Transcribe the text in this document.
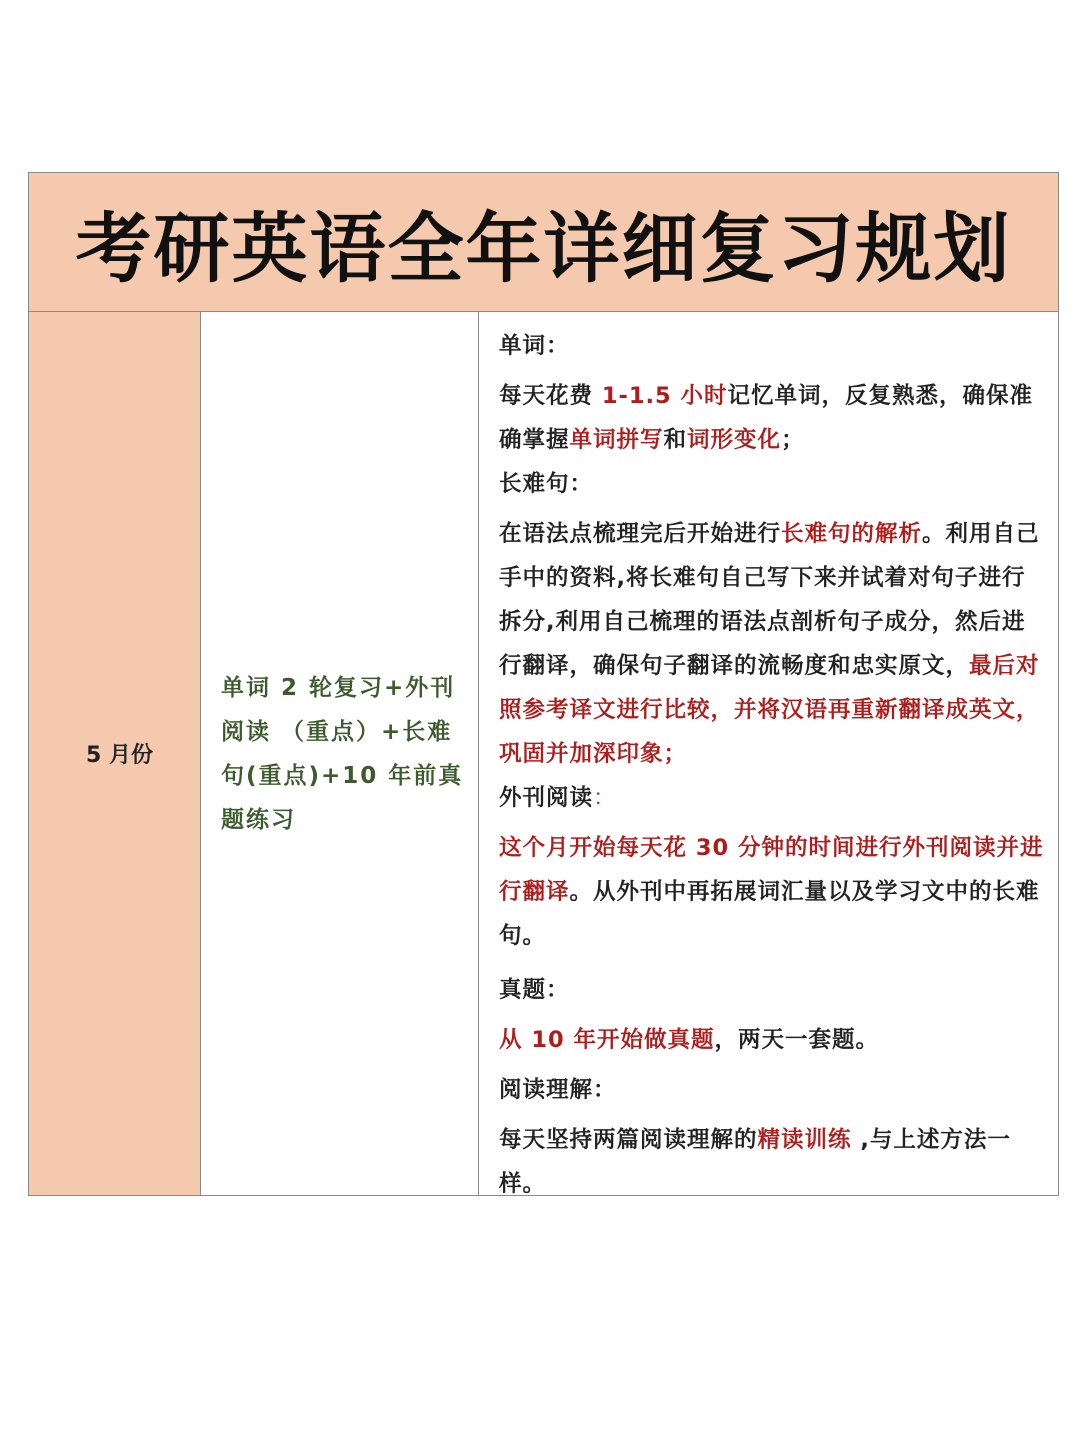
考研英语全年详细复习规划
5 月份
单词 2 轮复习+外刊阅读 （重点）+长难句(重点)+10 年前真题练习

单词：

每天花费 1-1.5 小时记忆单词，反复熟悉，确保准确掌握单词拼写和词形变化；

长难句：

在语法点梳理完后开始进行长难句的解析。利用自己手中的资料,将长难句自己写下来并试着对句子进行拆分,利用自己梳理的语法点剖析句子成分，然后进行翻译，确保句子翻译的流畅度和忠实原文，最后对照参考译文进行比较，并将汉语再重新翻译成英文，巩固并加深印象；

外刊阅读：

这个月开始每天花 30 分钟的时间进行外刊阅读并进行翻译。从外刊中再拓展词汇量以及学习文中的长难句。

真题：

从 10 年开始做真题，两天一套题。

阅读理解：

每天坚持两篇阅读理解的精读训练 ,与上述方法一样。
